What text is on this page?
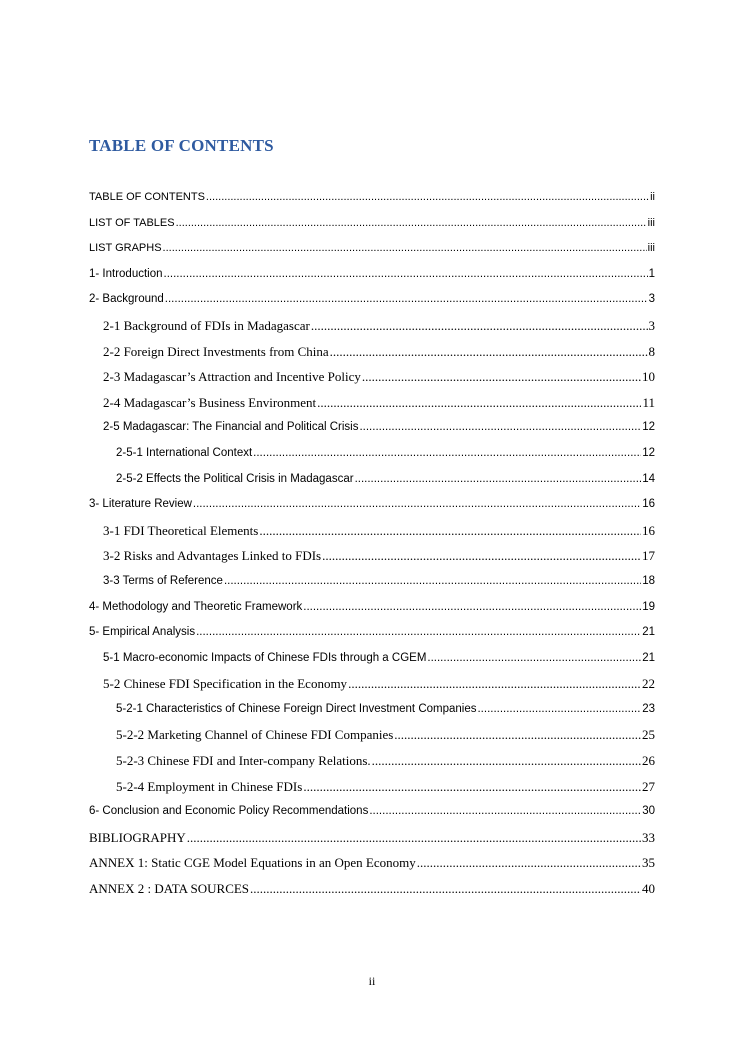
TABLE OF CONTENTS
TABLE OF CONTENTS .....	ii
LIST OF TABLES .....	iii
LIST GRAPHS .....	iii
1- Introduction .....	1
2- Background .....	3
2-1 Background of FDIs in Madagascar .....	3
2-2 Foreign Direct Investments from China .....	8
2-3 Madagascar’s Attraction and Incentive Policy .....	10
2-4 Madagascar’s Business Environment .....	11
2-5 Madagascar: The Financial and Political Crisis .....	12
2-5-1 International Context .....	12
2-5-2 Effects the Political Crisis in Madagascar .....	14
3- Literature Review .....	16
3-1 FDI Theoretical Elements .....	16
3-2 Risks and Advantages Linked to FDIs .....	17
3-3 Terms of Reference .....	18
4- Methodology and Theoretic Framework .....	19
5- Empirical Analysis .....	21
5-1 Macro-economic Impacts of Chinese FDIs through a CGEM .....	21
5-2 Chinese FDI Specification in the Economy .....	22
5-2-1 Characteristics of Chinese Foreign Direct Investment Companies .....	23
5-2-2 Marketing Channel of Chinese FDI Companies .....	25
5-2-3 Chinese FDI and Inter-company Relations. .....	26
5-2-4 Employment in Chinese FDIs .....	27
6- Conclusion and Economic Policy Recommendations .....	30
BIBLIOGRAPHY .....	33
ANNEX 1: Static CGE Model Equations in an Open Economy .....	35
ANNEX 2 : DATA SOURCES .....	40
ii
